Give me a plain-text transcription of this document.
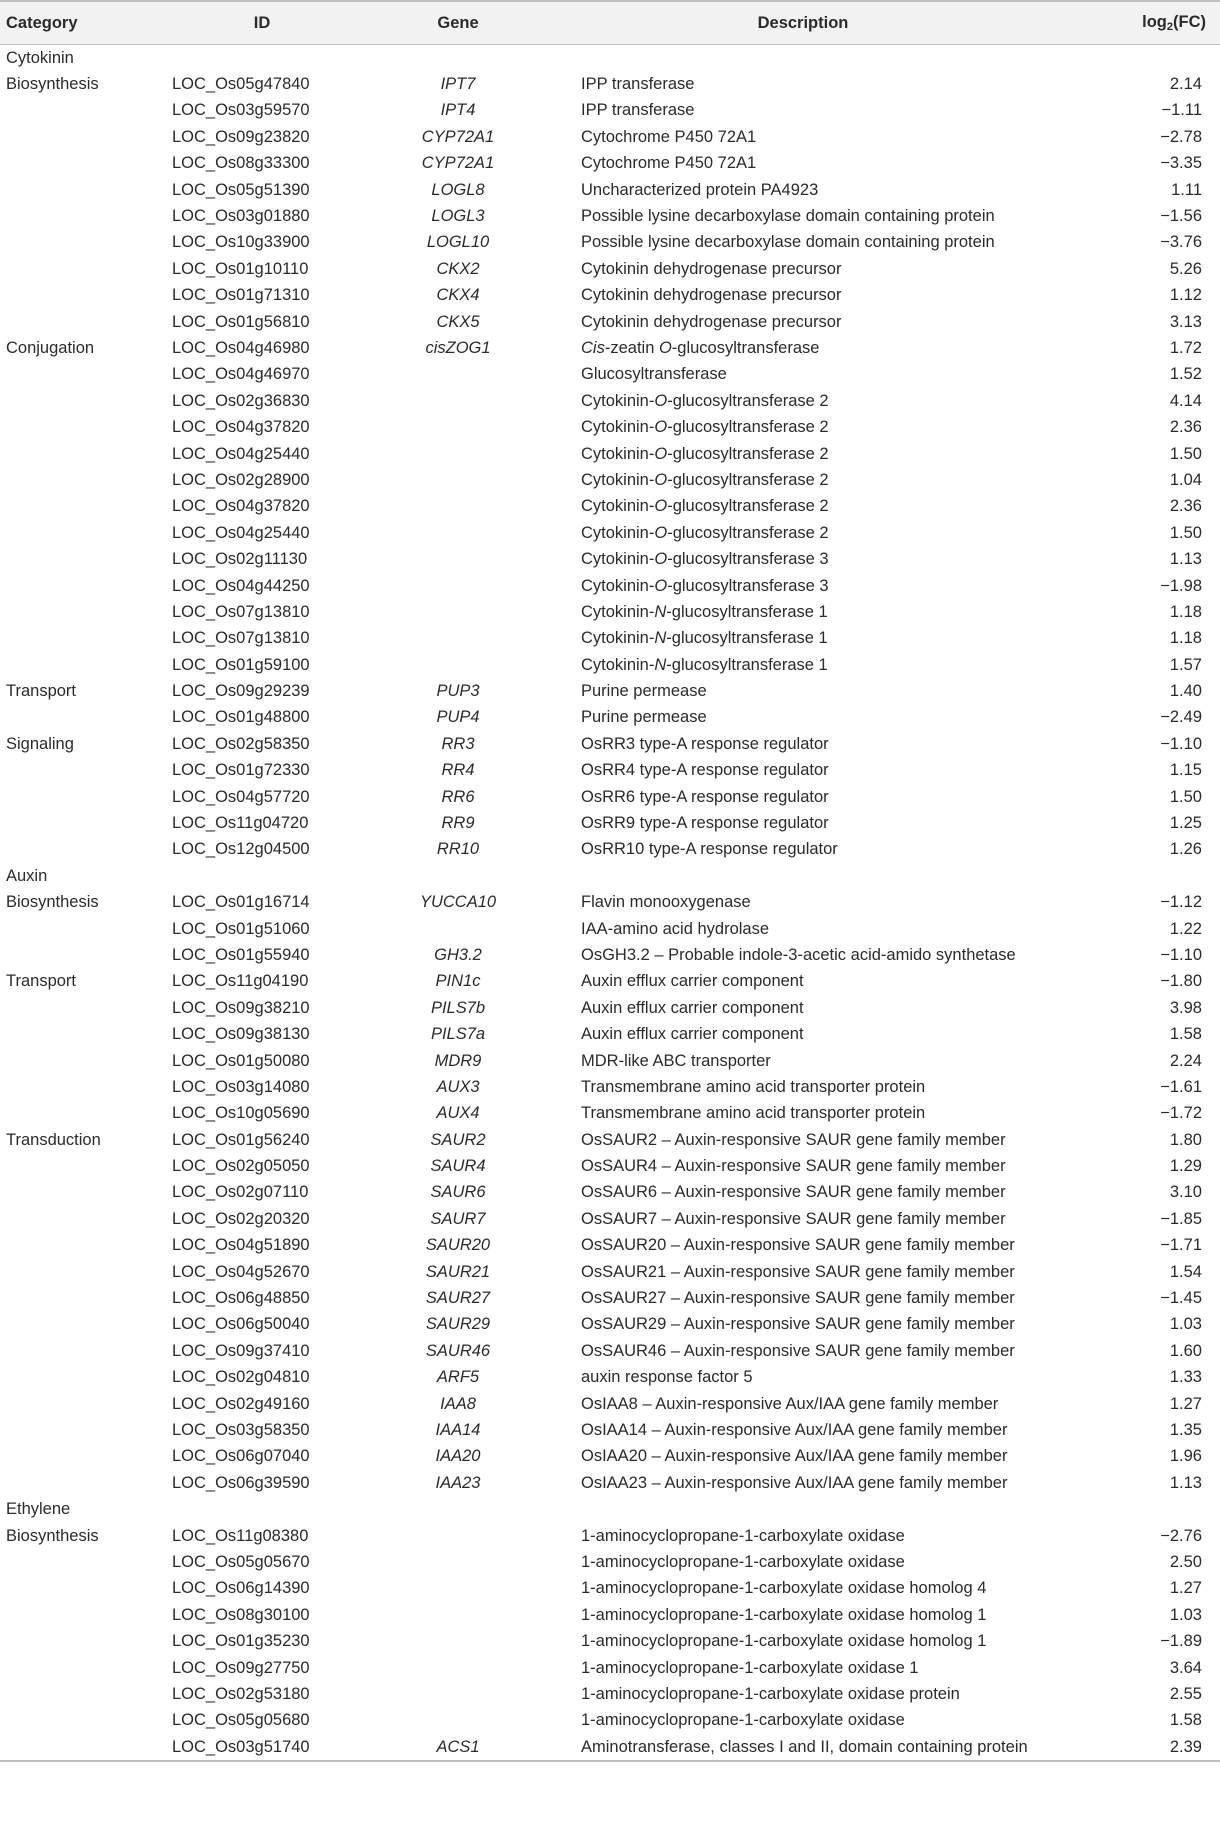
Category	ID	Gene	Description	$\log_2(FC)$
Cytokinin				
Biosynthesis	LOC_Os05g47840	IPT7	IPP transferase	2.14
	LOC_Os03g59570	IPT4	IPP transferase	−1.11
	LOC_Os09g23820	CYP72A1	Cytochrome P450 72A1	−2.78
	LOC_Os08g33300	CYP72A1	Cytochrome P450 72A1	−3.35
	LOC_Os05g51390	LOGL8	Uncharacterized protein PA4923	1.11
	LOC_Os03g01880	LOGL3	Possible lysine decarboxylase domain containing protein	−1.56
	LOC_Os10g33900	LOGL10	Possible lysine decarboxylase domain containing protein	−3.76
	LOC_Os01g10110	CKX2	Cytokinin dehydrogenase precursor	5.26
	LOC_Os01g71310	CKX4	Cytokinin dehydrogenase precursor	1.12
	LOC_Os01g56810	CKX5	Cytokinin dehydrogenase precursor	3.13
Conjugation	LOC_Os04g46980	cisZOG1	Cis-zeatin O-glucosyltransferase	1.72
	LOC_Os04g46970		Glucosyltransferase	1.52
	LOC_Os02g36830		Cytokinin-O-glucosyltransferase 2	4.14
	LOC_Os04g37820		Cytokinin-O-glucosyltransferase 2	2.36
	LOC_Os04g25440		Cytokinin-O-glucosyltransferase 2	1.50
	LOC_Os02g28900		Cytokinin-O-glucosyltransferase 2	1.04
	LOC_Os04g37820		Cytokinin-O-glucosyltransferase 2	2.36
	LOC_Os04g25440		Cytokinin-O-glucosyltransferase 2	1.50
	LOC_Os02g11130		Cytokinin-O-glucosyltransferase 3	1.13
	LOC_Os04g44250		Cytokinin-O-glucosyltransferase 3	−1.98
	LOC_Os07g13810		Cytokinin-N-glucosyltransferase 1	1.18
	LOC_Os07g13810		Cytokinin-N-glucosyltransferase 1	1.18
	LOC_Os01g59100		Cytokinin-N-glucosyltransferase 1	1.57
Transport	LOC_Os09g29239	PUP3	Purine permease	1.40
	LOC_Os01g48800	PUP4	Purine permease	−2.49
Signaling	LOC_Os02g58350	RR3	OsRR3 type-A response regulator	−1.10
	LOC_Os01g72330	RR4	OsRR4 type-A response regulator	1.15
	LOC_Os04g57720	RR6	OsRR6 type-A response regulator	1.50
	LOC_Os11g04720	RR9	OsRR9 type-A response regulator	1.25
	LOC_Os12g04500	RR10	OsRR10 type-A response regulator	1.26
Auxin				
Biosynthesis	LOC_Os01g16714	YUCCA10	Flavin monooxygenase	−1.12
	LOC_Os01g51060		IAA-amino acid hydrolase	1.22
	LOC_Os01g55940	GH3.2	OsGH3.2 – Probable indole-3-acetic acid-amido synthetase	−1.10
Transport	LOC_Os11g04190	PIN1c	Auxin efflux carrier component	−1.80
	LOC_Os09g38210	PILS7b	Auxin efflux carrier component	3.98
	LOC_Os09g38130	PILS7a	Auxin efflux carrier component	1.58
	LOC_Os01g50080	MDR9	MDR-like ABC transporter	2.24
	LOC_Os03g14080	AUX3	Transmembrane amino acid transporter protein	−1.61
	LOC_Os10g05690	AUX4	Transmembrane amino acid transporter protein	−1.72
Transduction	LOC_Os01g56240	SAUR2	OsSAUR2 – Auxin-responsive SAUR gene family member	1.80
	LOC_Os02g05050	SAUR4	OsSAUR4 – Auxin-responsive SAUR gene family member	1.29
	LOC_Os02g07110	SAUR6	OsSAUR6 – Auxin-responsive SAUR gene family member	3.10
	LOC_Os02g20320	SAUR7	OsSAUR7 – Auxin-responsive SAUR gene family member	−1.85
	LOC_Os04g51890	SAUR20	OsSAUR20 – Auxin-responsive SAUR gene family member	−1.71
	LOC_Os04g52670	SAUR21	OsSAUR21 – Auxin-responsive SAUR gene family member	1.54
	LOC_Os06g48850	SAUR27	OsSAUR27 – Auxin-responsive SAUR gene family member	−1.45
	LOC_Os06g50040	SAUR29	OsSAUR29 – Auxin-responsive SAUR gene family member	1.03
	LOC_Os09g37410	SAUR46	OsSAUR46 – Auxin-responsive SAUR gene family member	1.60
	LOC_Os02g04810	ARF5	auxin response factor 5	1.33
	LOC_Os02g49160	IAA8	OsIAA8 – Auxin-responsive Aux/IAA gene family member	1.27
	LOC_Os03g58350	IAA14	OsIAA14 – Auxin-responsive Aux/IAA gene family member	1.35
	LOC_Os06g07040	IAA20	OsIAA20 – Auxin-responsive Aux/IAA gene family member	1.96
	LOC_Os06g39590	IAA23	OsIAA23 – Auxin-responsive Aux/IAA gene family member	1.13
Ethylene				
Biosynthesis	LOC_Os11g08380		1-aminocyclopropane-1-carboxylate oxidase	−2.76
	LOC_Os05g05670		1-aminocyclopropane-1-carboxylate oxidase	2.50
	LOC_Os06g14390		1-aminocyclopropane-1-carboxylate oxidase homolog 4	1.27
	LOC_Os08g30100		1-aminocyclopropane-1-carboxylate oxidase homolog 1	1.03
	LOC_Os01g35230		1-aminocyclopropane-1-carboxylate oxidase homolog 1	−1.89
	LOC_Os09g27750		1-aminocyclopropane-1-carboxylate oxidase 1	3.64
	LOC_Os02g53180		1-aminocyclopropane-1-carboxylate oxidase protein	2.55
	LOC_Os05g05680		1-aminocyclopropane-1-carboxylate oxidase	1.58
	LOC_Os03g51740	ACS1	Aminotransferase, classes I and II, domain containing protein	2.39
